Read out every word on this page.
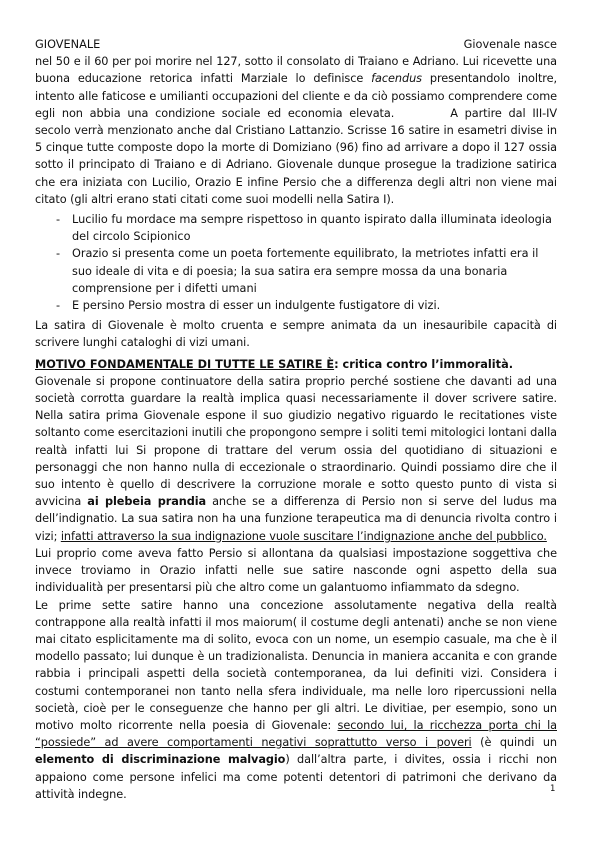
GIOVENALE	Giovenale nasce

nel 50 e il 60 per poi morire nel 127, sotto il consolato di Traiano e Adriano. Lui ricevette una buona educazione retorica infatti Marziale lo definisce facendus presentandolo inoltre, intento alle faticose e umilianti occupazioni del cliente e da ciò possiamo comprendere come egli non abbia una condizione sociale ed economia elevata.	A partire dal III-IV secolo verrà menzionato anche dal Cristiano Lattanzio. Scrisse 16 satire in esametri divise in 5 cinque tutte composte dopo la morte di Domiziano (96) fino ad arrivare a dopo il 127 ossia sotto il principato di Traiano e di Adriano. Giovenale dunque prosegue la tradizione satirica che era iniziata con Lucilio, Orazio E infine Persio che a differenza degli altri non viene mai citato (gli altri erano stati citati come suoi modelli nella Satira I).

- Lucilio fu mordace ma sempre rispettoso in quanto ispirato dalla illuminata ideologia del circolo Scipionico
- Orazio si presenta come un poeta fortemente equilibrato, la metriotes infatti era il suo ideale di vita e di poesia; la sua satira era sempre mossa da una bonaria comprensione per i difetti umani
- E persino Persio mostra di esser un indulgente fustigatore di vizi.

La satira di Giovenale è molto cruenta e sempre animata da un inesauribile capacità di scrivere lunghi cataloghi di vizi umani.

MOTIVO FONDAMENTALE DI TUTTE LE SATIRE È: critica contro l’immoralità.

Giovenale si propone continuatore della satira proprio perché sostiene che davanti ad una società corrotta guardare la realtà implica quasi necessariamente il dover scrivere satire. Nella satira prima Giovenale espone il suo giudizio negativo riguardo le recitationes viste soltanto come esercitazioni inutili che propongono sempre i soliti temi mitologici lontani dalla realtà infatti lui Si propone di trattare del verum ossia del quotidiano di situazioni e personaggi che non hanno nulla di eccezionale o straordinario. Quindi possiamo dire che il suo intento è quello di descrivere la corruzione morale e sotto questo punto di vista si avvicina ai plebeia prandia anche se a differenza di Persio non si serve del ludus ma dell’indignatio. La sua satira non ha una funzione terapeutica ma di denuncia rivolta contro i vizi; infatti attraverso la sua indignazione vuole suscitare l’indignazione anche del pubblico.

Lui proprio come aveva fatto Persio si allontana da qualsiasi impostazione soggettiva che invece troviamo in Orazio infatti nelle sue satire nasconde ogni aspetto della sua individualità per presentarsi più che altro come un galantuomo infiammato da sdegno.

Le prime sette satire hanno una concezione assolutamente negativa della realtà contrappone alla realtà infatti il mos maiorum( il costume degli antenati) anche se non viene mai citato esplicitamente ma di solito, evoca con un nome, un esempio casuale, ma che è il modello passato; lui dunque è un tradizionalista. Denuncia in maniera accanita e con grande rabbia i principali aspetti della società contemporanea, da lui definiti vizi. Considera i costumi contemporanei non tanto nella sfera individuale, ma nelle loro ripercussioni nella società, cioè per le conseguenze che hanno per gli altri. Le divitiae, per esempio, sono un motivo molto ricorrente nella poesia di Giovenale: secondo lui, la ricchezza porta chi la “possiede” ad avere comportamenti negativi soprattutto verso i poveri (è quindi un elemento di discriminazione malvagio) dall’altra parte, i divites, ossia i ricchi non appaiono come persone infelici ma come potenti detentori di patrimoni che derivano da attività indegne.	1
